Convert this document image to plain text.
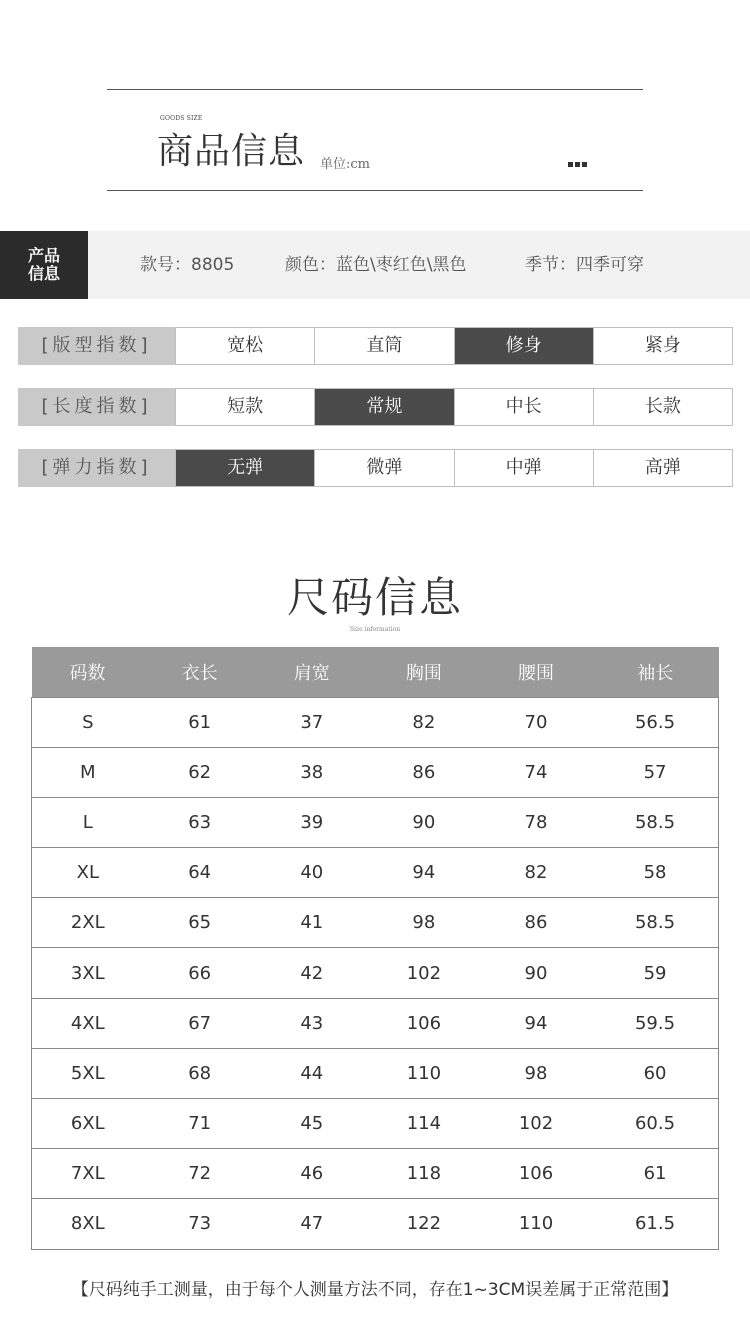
GOODS SIZE
商品信息 单位:cm
产品
信息	款号：8805	颜色：蓝色\枣红色\黑色	季节：四季可穿
[版型指数]	宽松	直筒	修身	紧身
[长度指数]	短款	常规	中长	长款
[弹力指数]	无弹	微弹	中弹	高弹
尺码信息
Size information
码数	衣长	肩宽	胸围	腰围	袖长
S	61	37	82	70	56.5
M	62	38	86	74	57
L	63	39	90	78	58.5
XL	64	40	94	82	58
2XL	65	41	98	86	58.5
3XL	66	42	102	90	59
4XL	67	43	106	94	59.5
5XL	68	44	110	98	60
6XL	71	45	114	102	60.5
7XL	72	46	118	106	61
8XL	73	47	122	110	61.5
【尺码纯手工测量，由于每个人测量方法不同，存在1~3CM误差属于正常范围】
